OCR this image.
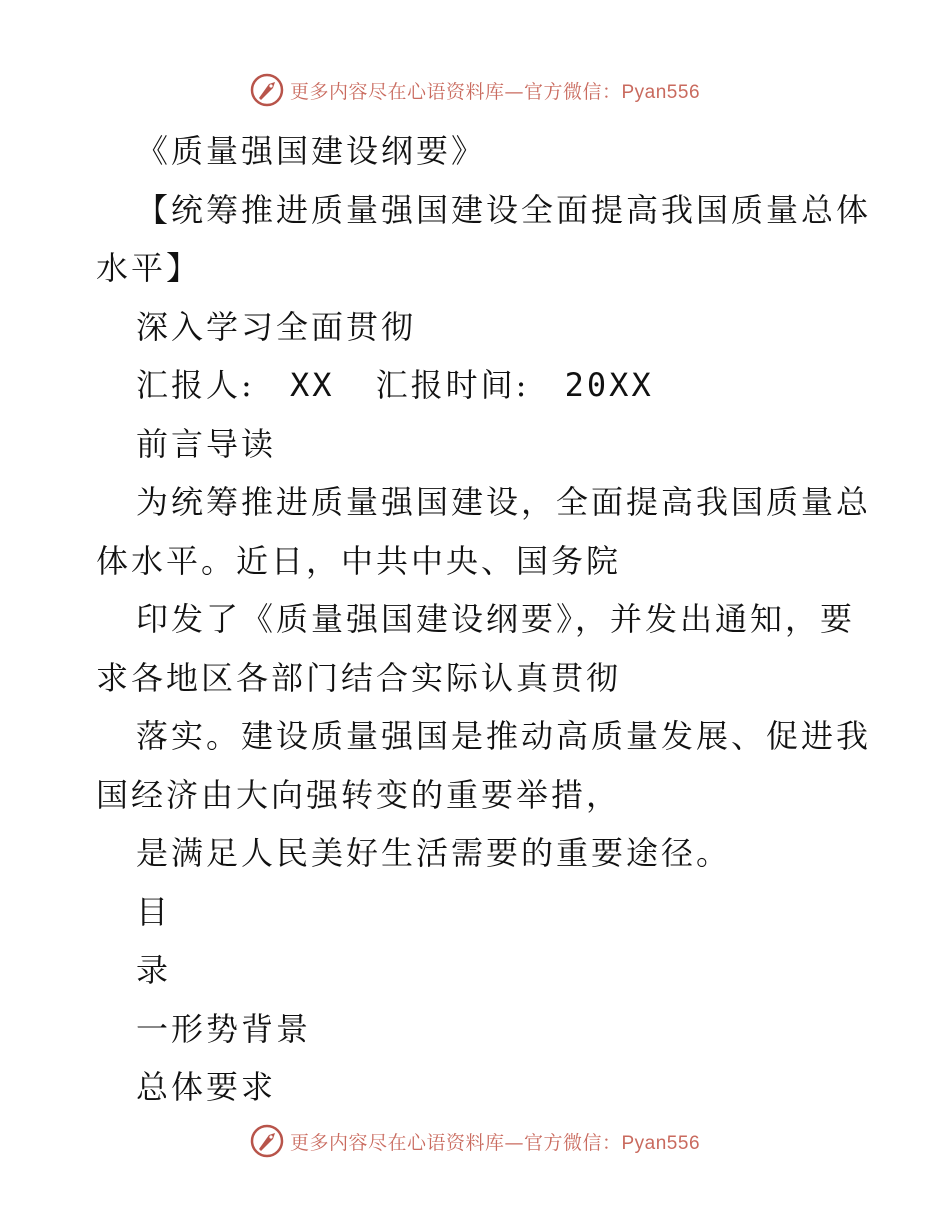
更多内容尽在心语资料库—官方微信：Pyan556
《质量强国建设纲要》
【统筹推进质量强国建设全面提高我国质量总体
水平】
深入学习全面贯彻
汇报人: XX 汇报时间: 20XX
前言导读
为统筹推进质量强国建设，全面提高我国质量总
体水平。近日，中共中央、国务院
印发了《质量强国建设纲要》，并发出通知，要
求各地区各部门结合实际认真贯彻
落实。建设质量强国是推动高质量发展、促进我
国经济由大向强转变的重要举措，
是满足人民美好生活需要的重要途径。
目
录
一形势背景
总体要求
更多内容尽在心语资料库—官方微信：Pyan556
